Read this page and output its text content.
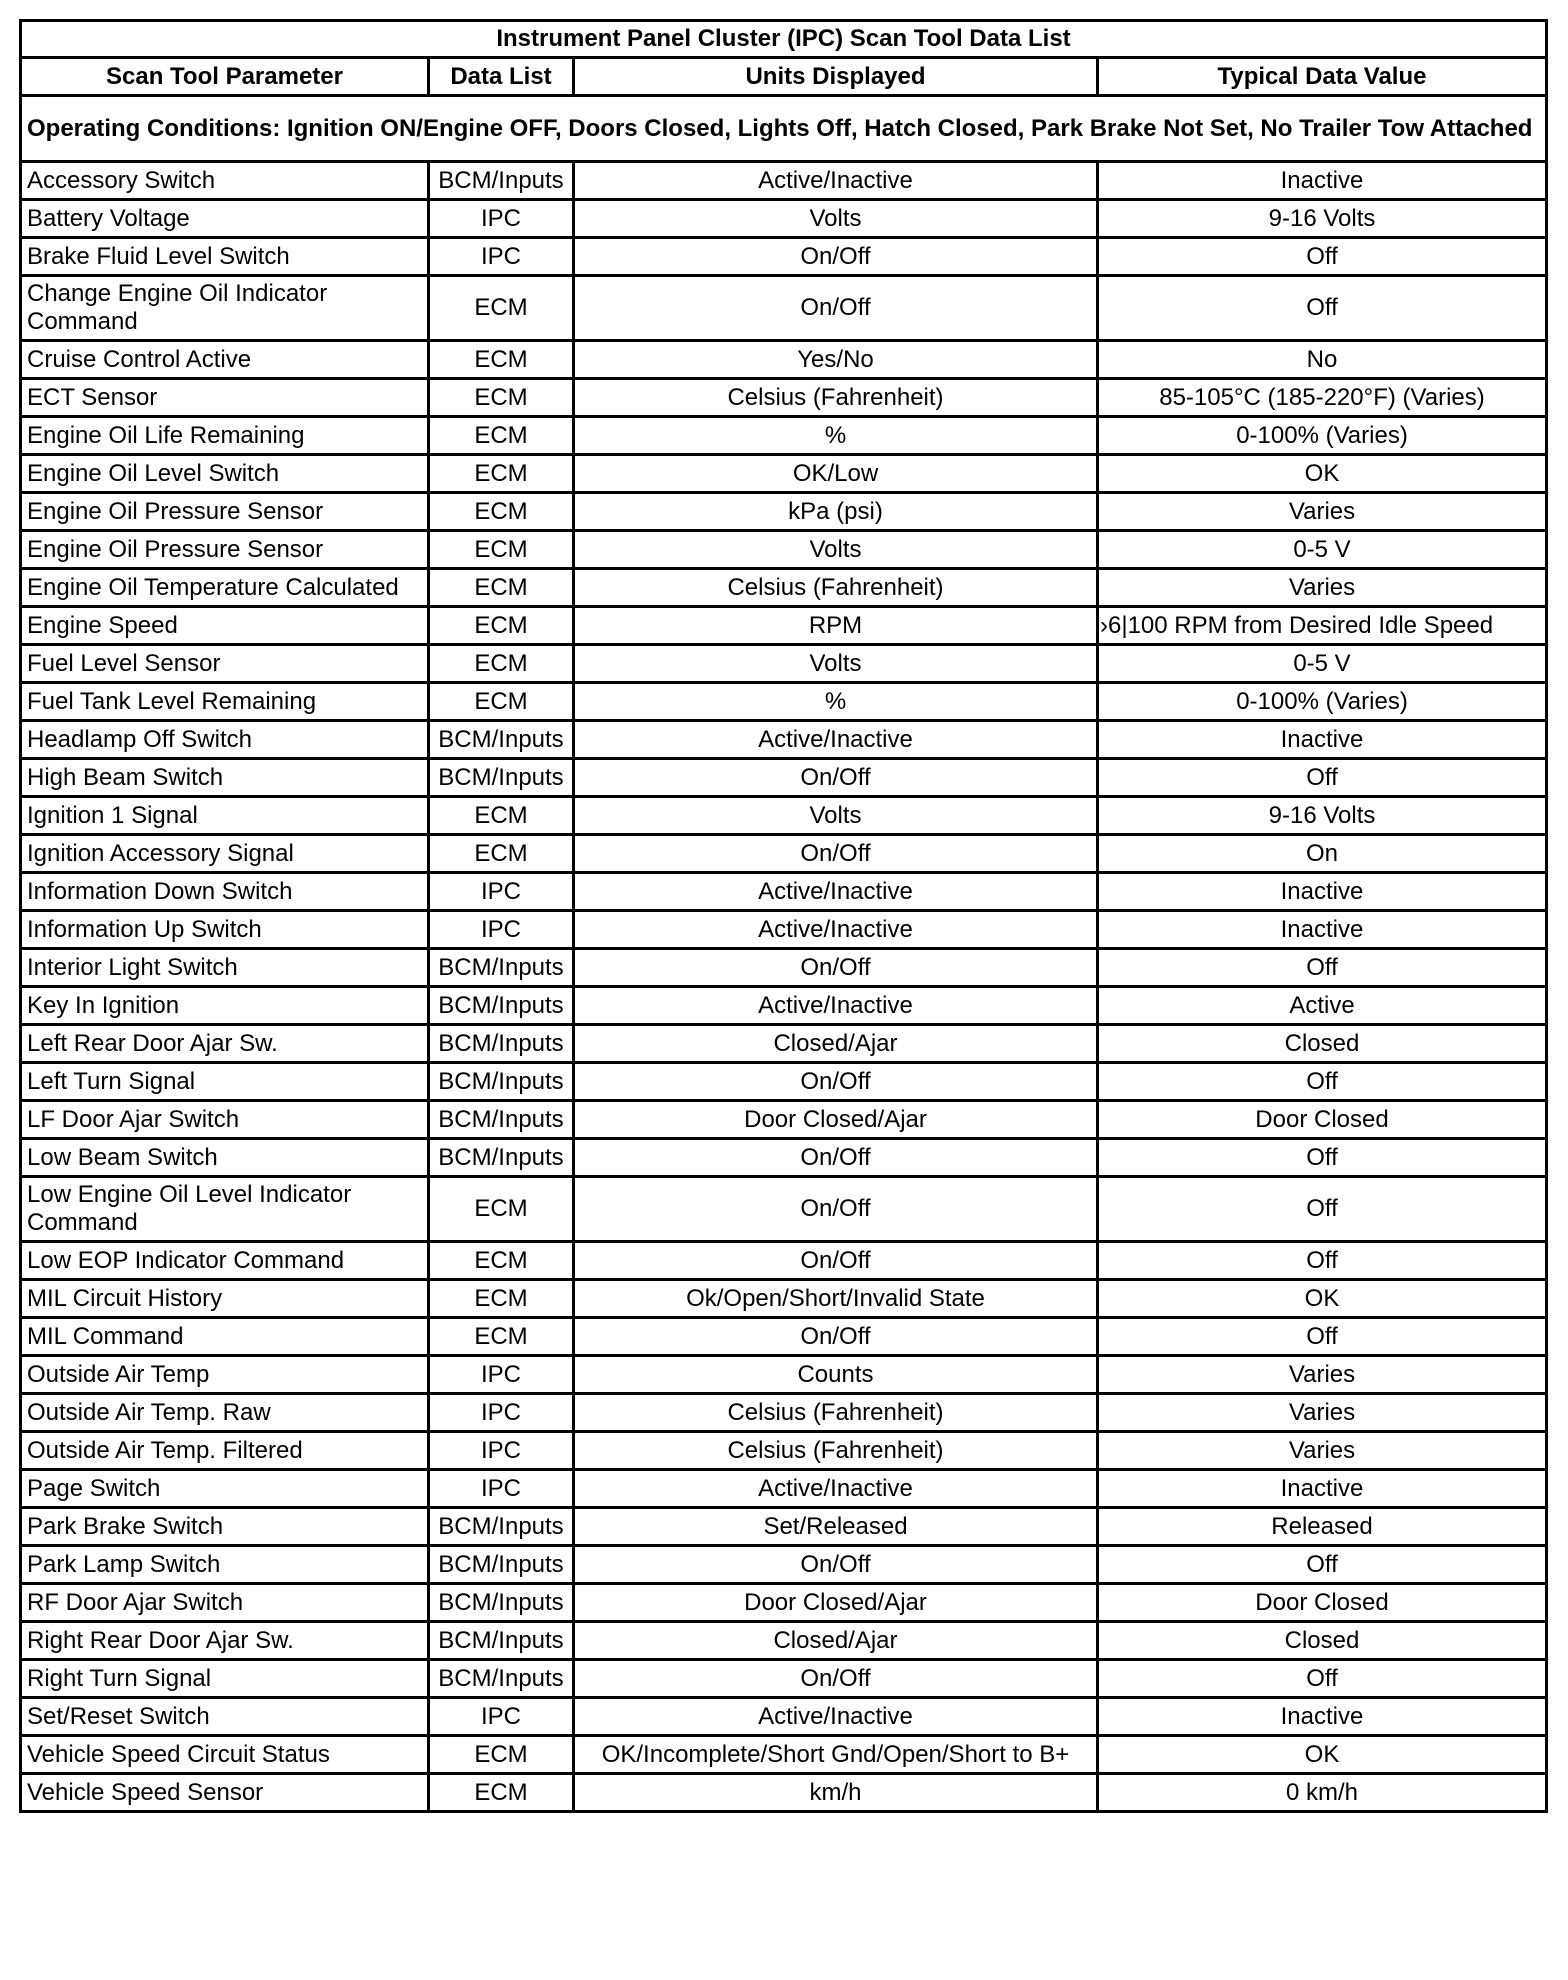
Instrument Panel Cluster (IPC) Scan Tool Data List			
Scan Tool Parameter	Data List	Units Displayed	Typical Data Value
Operating Conditions: Ignition ON/Engine OFF, Doors Closed, Lights Off, Hatch Closed, Park Brake Not Set, No Trailer Tow Attached			
Accessory Switch	BCM/Inputs	Active/Inactive	Inactive
Battery Voltage	IPC	Volts	9-16 Volts
Brake Fluid Level Switch	IPC	On/Off	Off
Change Engine Oil Indicator Command	ECM	On/Off	Off
Cruise Control Active	ECM	Yes/No	No
ECT Sensor	ECM	Celsius (Fahrenheit)	85-105°C (185-220°F) (Varies)
Engine Oil Life Remaining	ECM	%	0-100% (Varies)
Engine Oil Level Switch	ECM	OK/Low	OK
Engine Oil Pressure Sensor	ECM	kPa (psi)	Varies
Engine Oil Pressure Sensor	ECM	Volts	0-5 V
Engine Oil Temperature Calculated	ECM	Celsius (Fahrenheit)	Varies
Engine Speed	ECM	RPM	›6|100 RPM from Desired Idle Speed
Fuel Level Sensor	ECM	Volts	0-5 V
Fuel Tank Level Remaining	ECM	%	0-100% (Varies)
Headlamp Off Switch	BCM/Inputs	Active/Inactive	Inactive
High Beam Switch	BCM/Inputs	On/Off	Off
Ignition 1 Signal	ECM	Volts	9-16 Volts
Ignition Accessory Signal	ECM	On/Off	On
Information Down Switch	IPC	Active/Inactive	Inactive
Information Up Switch	IPC	Active/Inactive	Inactive
Interior Light Switch	BCM/Inputs	On/Off	Off
Key In Ignition	BCM/Inputs	Active/Inactive	Active
Left Rear Door Ajar Sw.	BCM/Inputs	Closed/Ajar	Closed
Left Turn Signal	BCM/Inputs	On/Off	Off
LF Door Ajar Switch	BCM/Inputs	Door Closed/Ajar	Door Closed
Low Beam Switch	BCM/Inputs	On/Off	Off
Low Engine Oil Level Indicator Command	ECM	On/Off	Off
Low EOP Indicator Command	ECM	On/Off	Off
MIL Circuit History	ECM	Ok/Open/Short/Invalid State	OK
MIL Command	ECM	On/Off	Off
Outside Air Temp	IPC	Counts	Varies
Outside Air Temp. Raw	IPC	Celsius (Fahrenheit)	Varies
Outside Air Temp. Filtered	IPC	Celsius (Fahrenheit)	Varies
Page Switch	IPC	Active/Inactive	Inactive
Park Brake Switch	BCM/Inputs	Set/Released	Released
Park Lamp Switch	BCM/Inputs	On/Off	Off
RF Door Ajar Switch	BCM/Inputs	Door Closed/Ajar	Door Closed
Right Rear Door Ajar Sw.	BCM/Inputs	Closed/Ajar	Closed
Right Turn Signal	BCM/Inputs	On/Off	Off
Set/Reset Switch	IPC	Active/Inactive	Inactive
Vehicle Speed Circuit Status	ECM	OK/Incomplete/Short Gnd/Open/Short to B+	OK
Vehicle Speed Sensor	ECM	km/h	0 km/h
